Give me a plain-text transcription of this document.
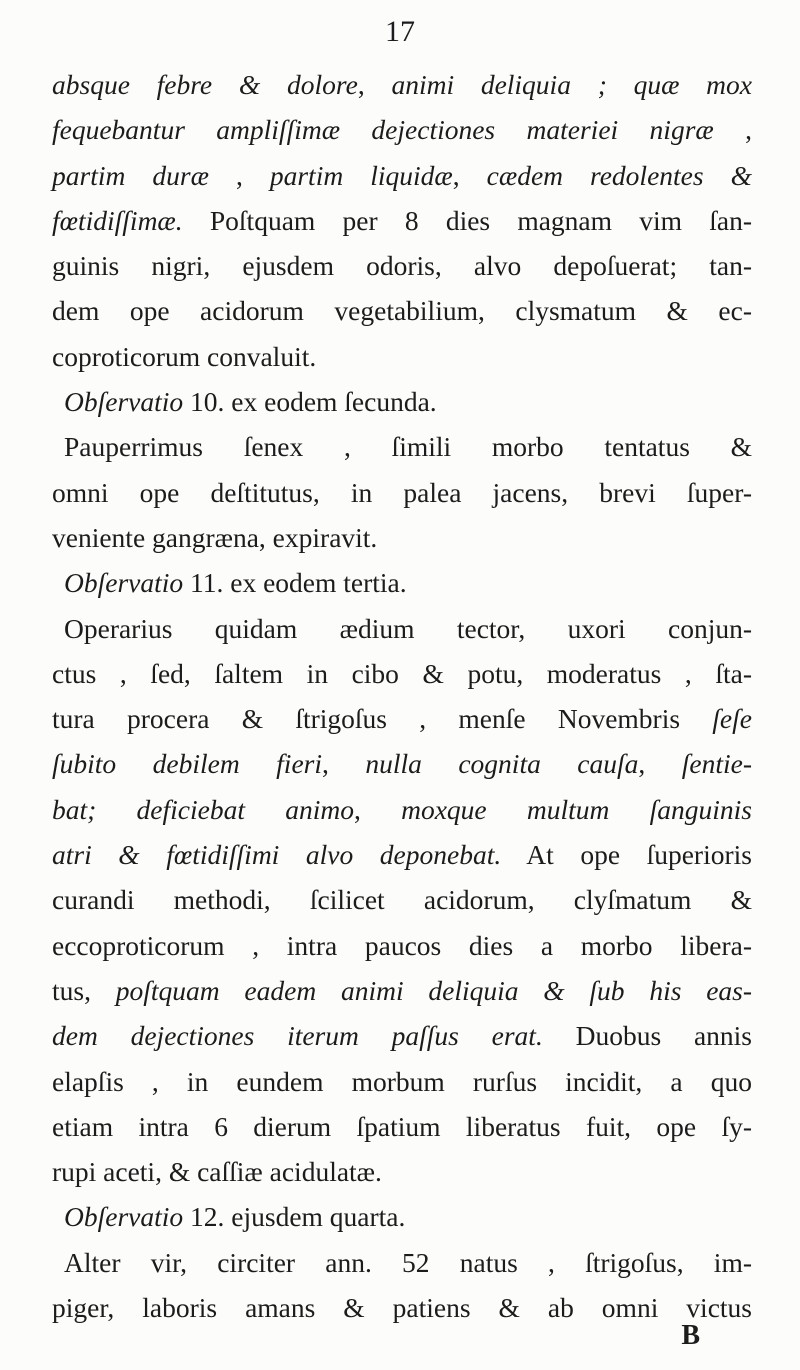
17
absque febre & dolore, animi deliquia ; quæ mox
fequebantur ampliſſimæ dejectiones materiei nigræ ,
partim duræ , partim liquidæ, cædem redolentes &
fœtidiſſimæ. Poſtquam per 8 dies magnam vim ſan-
guinis nigri, ejusdem odoris, alvo depoſuerat; tan-
dem ope acidorum vegetabilium, clysmatum & ec-
coproticorum convaluit.
Obſervatio 10. ex eodem ſecunda.
Pauperrimus ſenex , ſimili morbo tentatus &
omni ope deſtitutus, in palea jacens, brevi ſuper-
veniente gangræna, expiravit.
Obſervatio 11. ex eodem tertia.
Operarius quidam ædium tector, uxori conjun-
ctus , ſed, ſaltem in cibo & potu, moderatus , ſta-
tura procera & ſtrigoſus , menſe Novembris ſeſe
ſubito debilem fieri, nulla cognita cauſa, ſentie-
bat; deficiebat animo, moxque multum ſanguinis
atri & fœtidiſſimi alvo deponebat. At ope ſuperioris
curandi methodi, ſcilicet acidorum, clyſmatum &
eccoproticorum , intra paucos dies a morbo libera-
tus, poſtquam eadem animi deliquia & ſub his eas-
dem dejectiones iterum paſſus erat. Duobus annis
elapſis , in eundem morbum rurſus incidit, a quo
etiam intra 6 dierum ſpatium liberatus fuit, ope ſy-
rupi aceti, & caſſiæ acidulatæ.
Obſervatio 12. ejusdem quarta.
Alter vir, circiter ann. 52 natus , ſtrigoſus, im-
piger, laboris amans & patiens & ab omni victus
B
